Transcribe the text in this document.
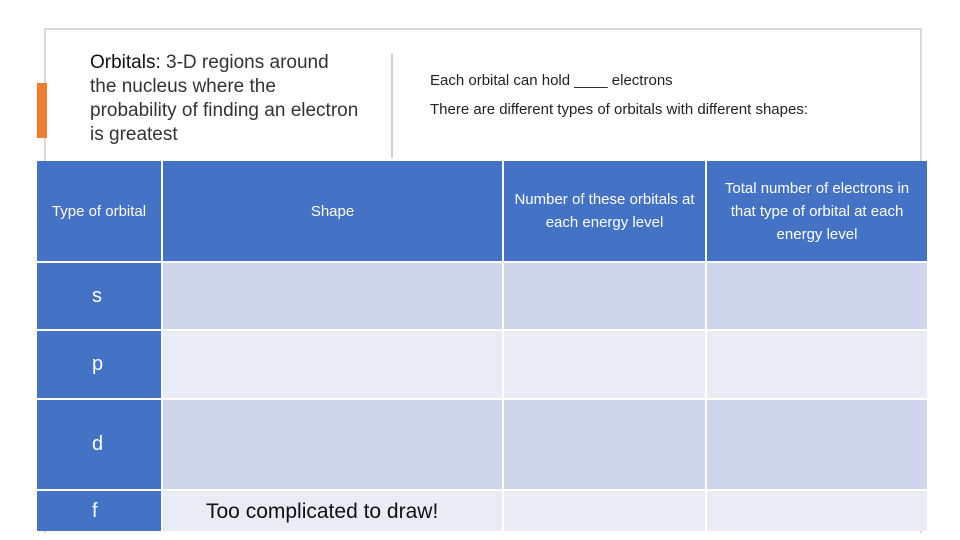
Orbitals: 3-D regions around the nucleus where the probability of finding an electron is greatest
Each orbital can hold ____ electrons
There are different types of orbitals with different shapes:
Type of orbital	Shape
Number of these orbitals at each energy level
Total number of electrons in that type of orbital at each energy level
s
p
d
f	Too complicated to draw!
